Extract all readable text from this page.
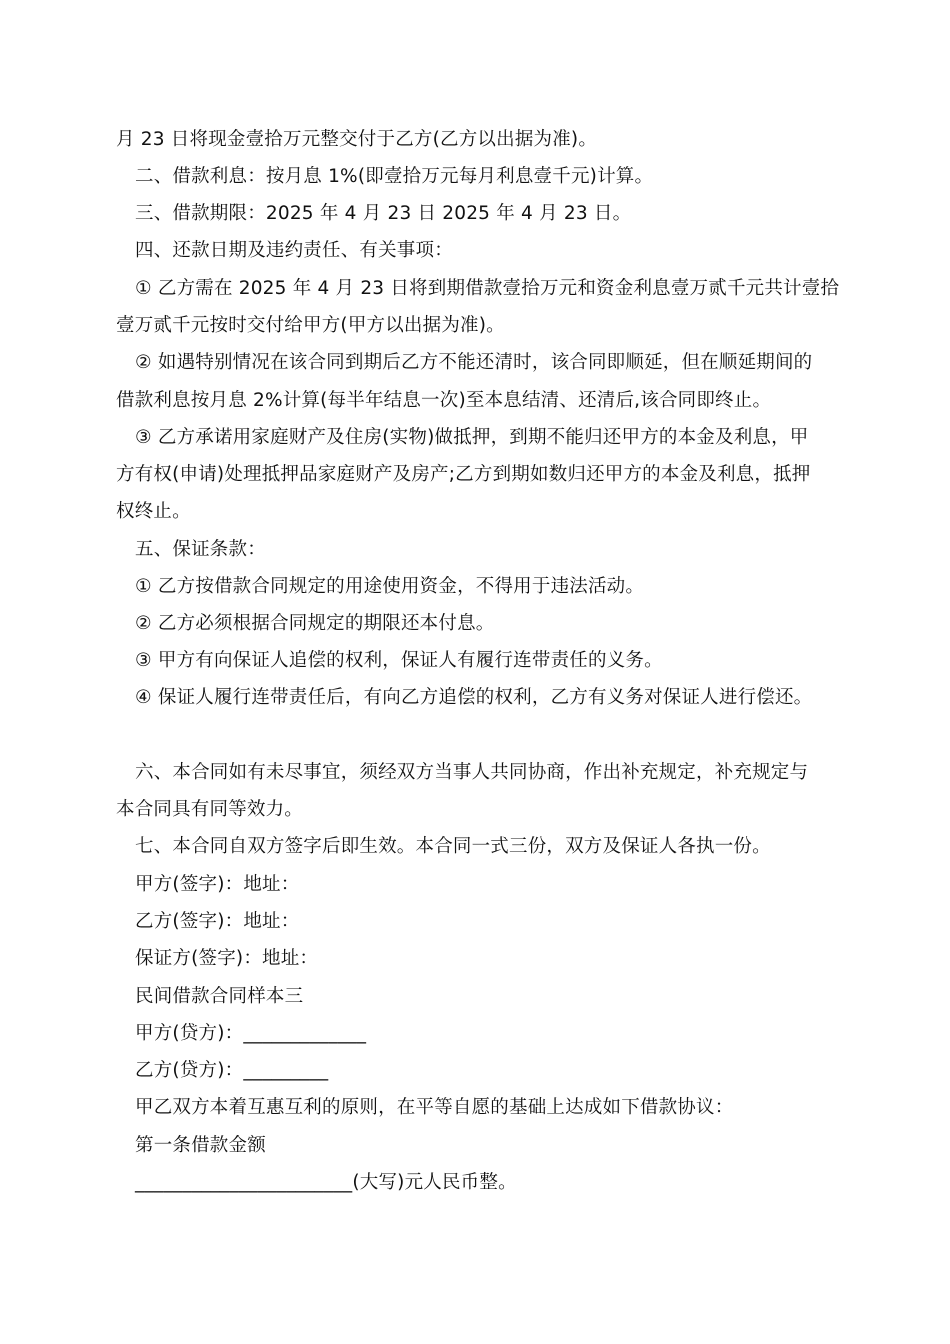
月 23 日将现金壹拾万元整交付于乙方(乙方以出据为准)。
二、借款利息：按月息 1%(即壹拾万元每月利息壹千元)计算。
三、借款期限：2025 年 4 月 23 日 2025 年 4 月 23 日。
四、还款日期及违约责任、有关事项：
① 乙方需在 2025 年 4 月 23 日将到期借款壹拾万元和资金利息壹万贰千元共计壹拾
壹万贰千元按时交付给甲方(甲方以出据为准)。
② 如遇特别情况在该合同到期后乙方不能还清时，该合同即顺延，但在顺延期间的
借款利息按月息 2%计算(每半年结息一次)至本息结清、还清后,该合同即终止。
③ 乙方承诺用家庭财产及住房(实物)做抵押，到期不能归还甲方的本金及利息，甲
方有权(申请)处理抵押品家庭财产及房产;乙方到期如数归还甲方的本金及利息，抵押
权终止。
五、保证条款：
① 乙方按借款合同规定的用途使用资金，不得用于违法活动。
② 乙方必须根据合同规定的期限还本付息。
③ 甲方有向保证人追偿的权利，保证人有履行连带责任的义务。
④ 保证人履行连带责任后，有向乙方追偿的权利，乙方有义务对保证人进行偿还。
六、本合同如有未尽事宜，须经双方当事人共同协商，作出补充规定，补充规定与
本合同具有同等效力。
七、本合同自双方签字后即生效。本合同一式三份，双方及保证人各执一份。
甲方(签字)：地址：
乙方(签字)：地址：
保证方(签字)：地址：
民间借款合同样本三
甲方(贷方)：_____________
乙方(贷方)：_________
甲乙双方本着互惠互利的原则，在平等自愿的基础上达成如下借款协议：
第一条借款金额
_______________________(大写)元人民币整。
